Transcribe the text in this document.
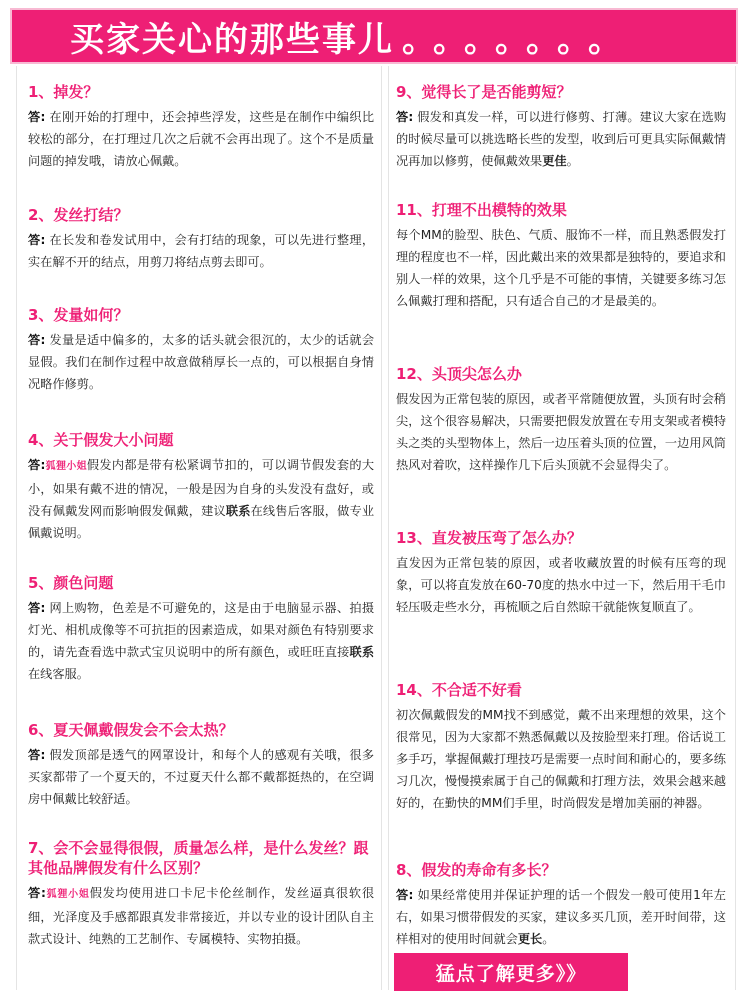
买家关心的那些事儿 。。。。。。。
1、掉发？
答: 在刚开始的打理中，还会掉些浮发，这些是在制作中编织比较松的部分，在打理过几次之后就不会再出现了。这个不是质量问题的掉发哦，请放心佩戴。
2、发丝打结？
答: 在长发和卷发试用中，会有打结的现象，可以先进行整理，实在解不开的结点，用剪刀将结点剪去即可。
3、发量如何？
答: 发量是适中偏多的，太多的话头就会很沉的，太少的话就会显假。我们在制作过程中故意做稍厚长一点的，可以根据自身情况略作修剪。
4、关于假发大小问题
答:狐狸小姐假发内都是带有松紧调节扣的，可以调节假发套的大小，如果有戴不进的情况，一般是因为自身的头发没有盘好，或没有佩戴发网而影响假发佩戴，建议联系在线售后客服，做专业佩戴说明。
5、颜色问题
答: 网上购物，色差是不可避免的，这是由于电脑显示器、拍摄灯光、相机成像等不可抗拒的因素造成，如果对颜色有特别要求的，请先查看选中款式宝贝说明中的所有颜色，或旺旺直接联系在线客服。
6、夏天佩戴假发会不会太热？
答: 假发顶部是透气的网罩设计，和每个人的感观有关哦，很多买家都带了一个夏天的，不过夏天什么都不戴都挺热的，在空调房中佩戴比较舒适。
7、会不会显得很假，质量怎么样，是什么发丝？跟其他品牌假发有什么区别？
答:狐狸小姐假发均使用进口卡尼卡伦丝制作，发丝逼真很软很细，光泽度及手感都跟真发非常接近，并以专业的设计团队自主款式设计、纯熟的工艺制作、专属模特、实物拍摄。
9、觉得长了是否能剪短？
答: 假发和真发一样，可以进行修剪、打薄。建议大家在选购的时候尽量可以挑选略长些的发型，收到后可更具实际佩戴情况再加以修剪，使佩戴效果更佳。
11、打理不出模特的效果
每个MM的脸型、肤色、气质、服饰不一样，而且熟悉假发打理的程度也不一样，因此戴出来的效果都是独特的，要追求和别人一样的效果，这个几乎是不可能的事情，关键要多练习怎么佩戴打理和搭配，只有适合自己的才是最美的。
12、头顶尖怎么办
假发因为正常包装的原因，或者平常随便放置，头顶有时会稍尖，这个很容易解决，只需要把假发放置在专用支架或者模特头之类的头型物体上，然后一边压着头顶的位置，一边用风筒热风对着吹，这样操作几下后头顶就不会显得尖了。
13、直发被压弯了怎么办？
直发因为正常包装的原因，或者收藏放置的时候有压弯的现象，可以将直发放在60-70度的热水中过一下，然后用干毛巾轻压吸走些水分，再梳顺之后自然晾干就能恢复顺直了。
14、不合适不好看
初次佩戴假发的MM找不到感觉，戴不出来理想的效果，这个很常见，因为大家都不熟悉佩戴以及按脸型来打理。俗话说工多手巧，掌握佩戴打理技巧是需要一点时间和耐心的，要多练习几次，慢慢摸索属于自己的佩戴和打理方法，效果会越来越好的，在勤快的MM们手里，时尚假发是增加美丽的神器。
8、假发的寿命有多长？
答: 如果经常使用并保证护理的话一个假发一般可使用1年左右，如果习惯带假发的买家，建议多买几顶，差开时间带，这样相对的使用时间就会更长。
猛点了解更多》》
